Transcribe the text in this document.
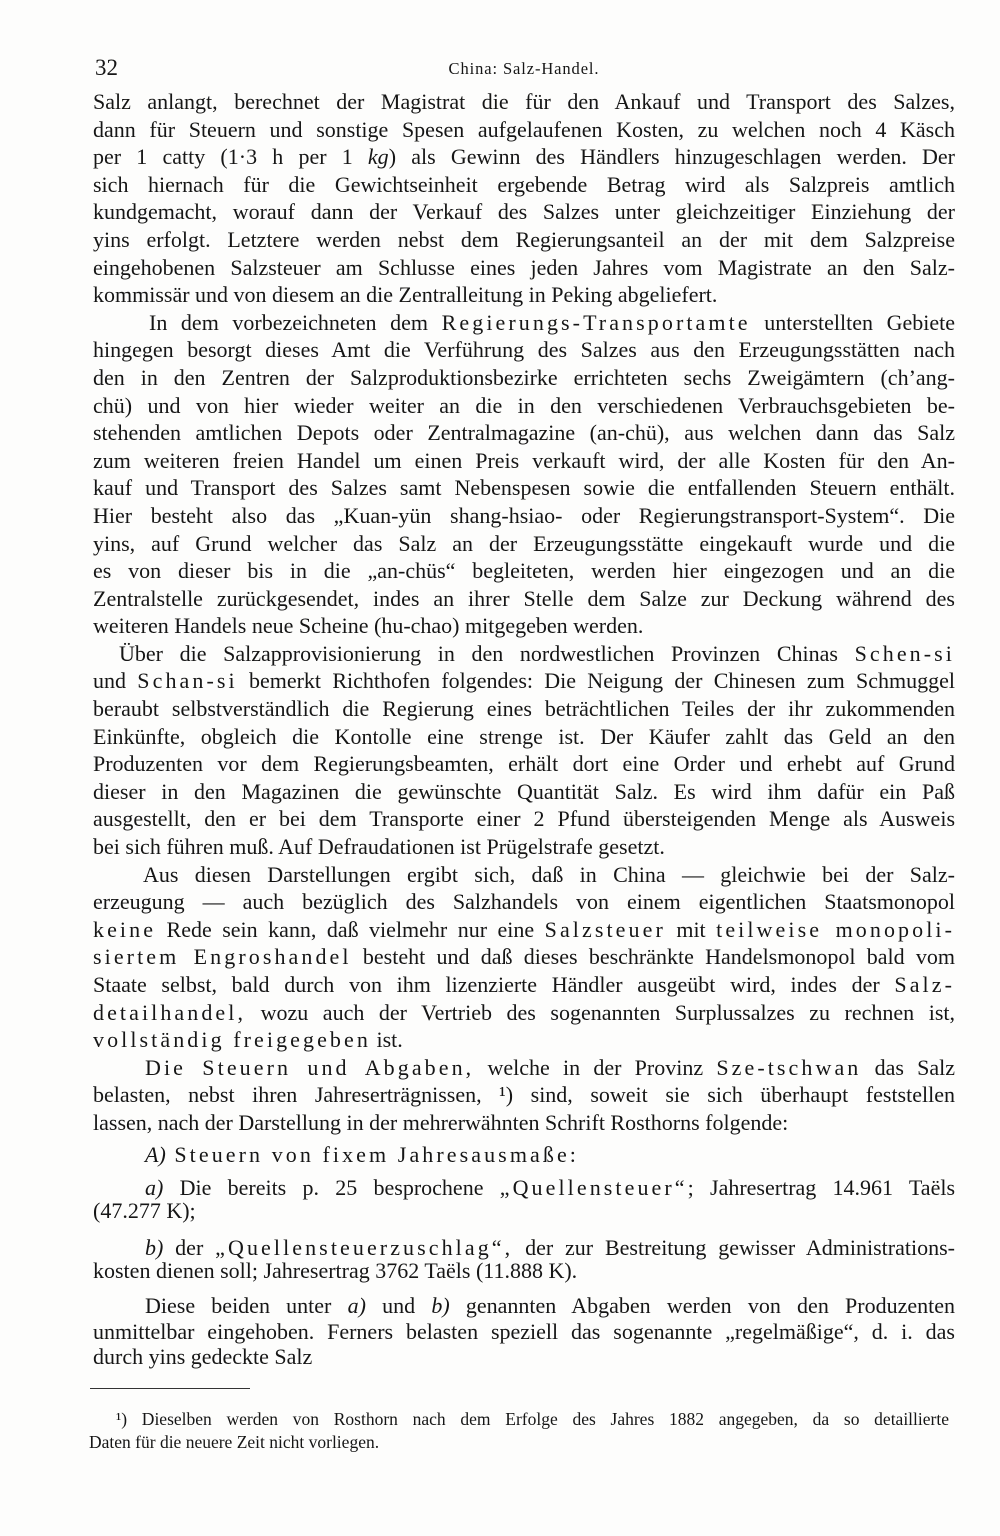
32	China: Salz-Handel.
Salz anlangt, berechnet der Magistrat die für den Ankauf und Transport des Salzes,
dann für Steuern und sonstige Spesen aufgelaufenen Kosten, zu welchen noch 4 Käsch
per 1 catty (1·3 h per 1 kg) als Gewinn des Händlers hinzugeschlagen werden. Der
sich hiernach für die Gewichtseinheit ergebende Betrag wird als Salzpreis amtlich
kundgemacht, worauf dann der Verkauf des Salzes unter gleichzeitiger Einziehung der
yins erfolgt. Letztere werden nebst dem Regierungsanteil an der mit dem Salzpreise
eingehobenen Salzsteuer am Schlusse eines jeden Jahres vom Magistrate an den Salz-
kommissär und von diesem an die Zentralleitung in Peking abgeliefert.
In dem vorbezeichneten dem Regierungs-Transportamte unterstellten Gebiete
hingegen besorgt dieses Amt die Verführung des Salzes aus den Erzeugungsstätten nach
den in den Zentren der Salzproduktionsbezirke errichteten sechs Zweigämtern (ch’ang-
chü) und von hier wieder weiter an die in den verschiedenen Verbrauchsgebieten be-
stehenden amtlichen Depots oder Zentralmagazine (an-chü), aus welchen dann das Salz
zum weiteren freien Handel um einen Preis verkauft wird, der alle Kosten für den An-
kauf und Transport des Salzes samt Nebenspesen sowie die entfallenden Steuern enthält.
Hier besteht also das „Kuan-yün shang-hsiao- oder Regierungstransport-System“. Die
yins, auf Grund welcher das Salz an der Erzeugungsstätte eingekauft wurde und die
es von dieser bis in die „an-chüs“ begleiteten, werden hier eingezogen und an die
Zentralstelle zurückgesendet, indes an ihrer Stelle dem Salze zur Deckung während des
weiteren Handels neue Scheine (hu-chao) mitgegeben werden.
Über die Salzapprovisionierung in den nordwestlichen Provinzen Chinas Schen-si
und Schan-si bemerkt Richthofen folgendes: Die Neigung der Chinesen zum Schmuggel
beraubt selbstverständlich die Regierung eines beträchtlichen Teiles der ihr zukommenden
Einkünfte, obgleich die Kontolle eine strenge ist. Der Käufer zahlt das Geld an den
Produzenten vor dem Regierungsbeamten, erhält dort eine Order und erhebt auf Grund
dieser in den Magazinen die gewünschte Quantität Salz. Es wird ihm dafür ein Paß
ausgestellt, den er bei dem Transporte einer 2 Pfund übersteigenden Menge als Ausweis
bei sich führen muß. Auf Defraudationen ist Prügelstrafe gesetzt.
Aus diesen Darstellungen ergibt sich, daß in China — gleichwie bei der Salz-
erzeugung — auch bezüglich des Salzhandels von einem eigentlichen Staatsmonopol
keine Rede sein kann, daß vielmehr nur eine Salzsteuer mit teilweise monopoli-
siertem Engroshandel besteht und daß dieses beschränkte Handelsmonopol bald vom
Staate selbst, bald durch von ihm lizenzierte Händler ausgeübt wird, indes der Salz-
detailhandel, wozu auch der Vertrieb des sogenannten Surplussalzes zu rechnen ist,
vollständig freigegeben ist.
Die Steuern und Abgaben, welche in der Provinz Sze-tschwan das Salz
belasten, nebst ihren Jahreserträgnissen, ¹) sind, soweit sie sich überhaupt feststellen
lassen, nach der Darstellung in der mehrerwähnten Schrift Rosthorns folgende:
A) Steuern von fixem Jahresausmaße:
a) Die bereits p. 25 besprochene „Quellensteuer“; Jahresertrag 14.961 Taëls
(47.277 K);
b) der „Quellensteuerzuschlag“, der zur Bestreitung gewisser Administrations-
kosten dienen soll; Jahresertrag 3762 Taëls (11.888 K).
Diese beiden unter a) und b) genannten Abgaben werden von den Produzenten
unmittelbar eingehoben. Ferners belasten speziell das sogenannte „regelmäßige“, d. i. das
durch yins gedeckte Salz
¹) Dieselben werden von Rosthorn nach dem Erfolge des Jahres 1882 angegeben, da so detaillierte
Daten für die neuere Zeit nicht vorliegen.
